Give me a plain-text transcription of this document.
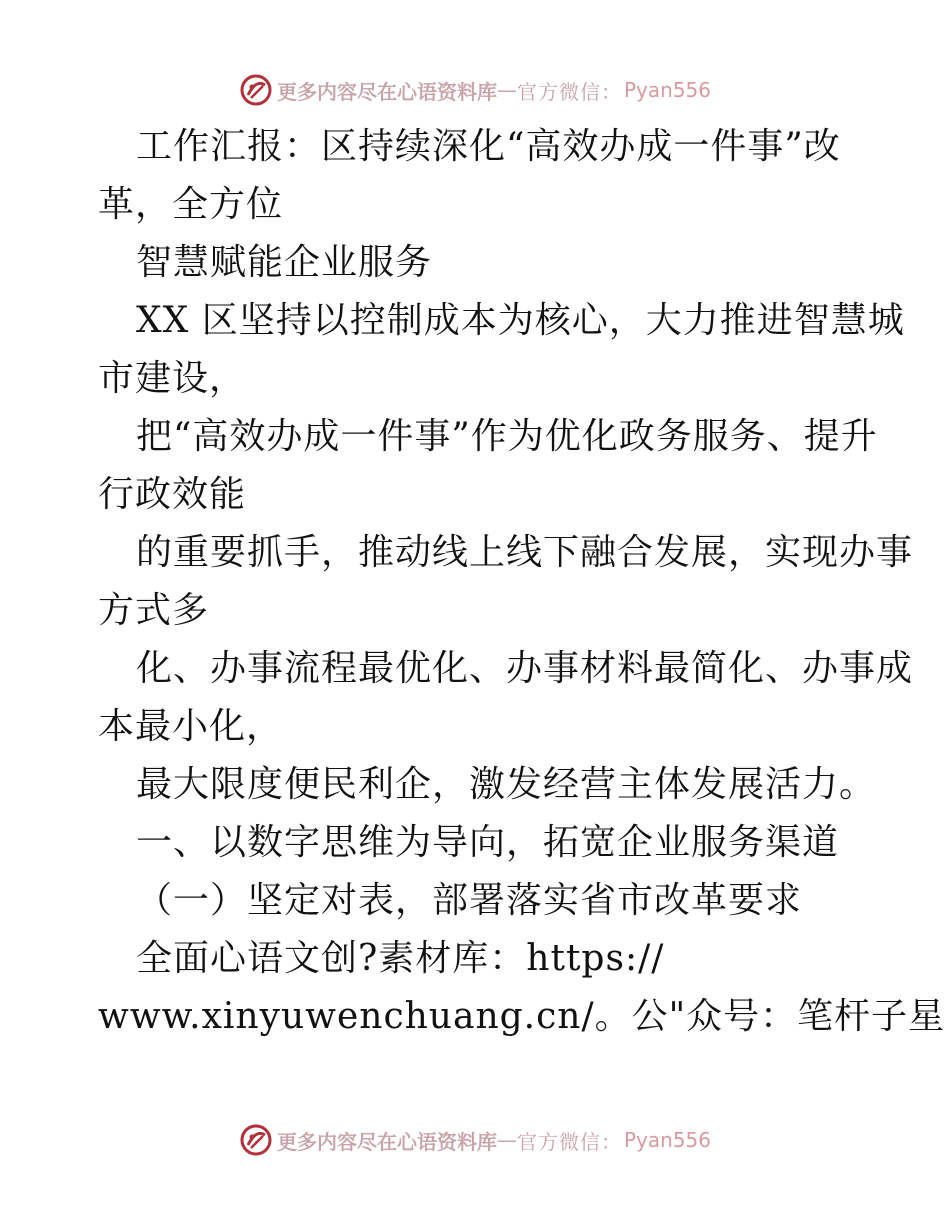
更多内容尽在心语资料库 — 官方微信： Pyan556
工作汇报：区持续深化“高效办成一件事”改
革，全方位
智慧赋能企业服务
XX 区坚持以控制成本为核心，大力推进智慧城
市建设，
把“高效办成一件事”作为优化政务服务、提升
行政效能
的重要抓手，推动线上线下融合发展，实现办事
方式多
化、办事流程最优化、办事材料最简化、办事成
本最小化，
最大限度便民利企，激发经营主体发展活力。
一、以数字思维为导向，拓宽企业服务渠道
（一）坚定对表，部署落实省市改革要求
全面心语文创?素材库：https://
www.xinyuwenchuang.cn/。公"众号：笔杆子星
更多内容尽在心语资料库 — 官方微信： Pyan556
